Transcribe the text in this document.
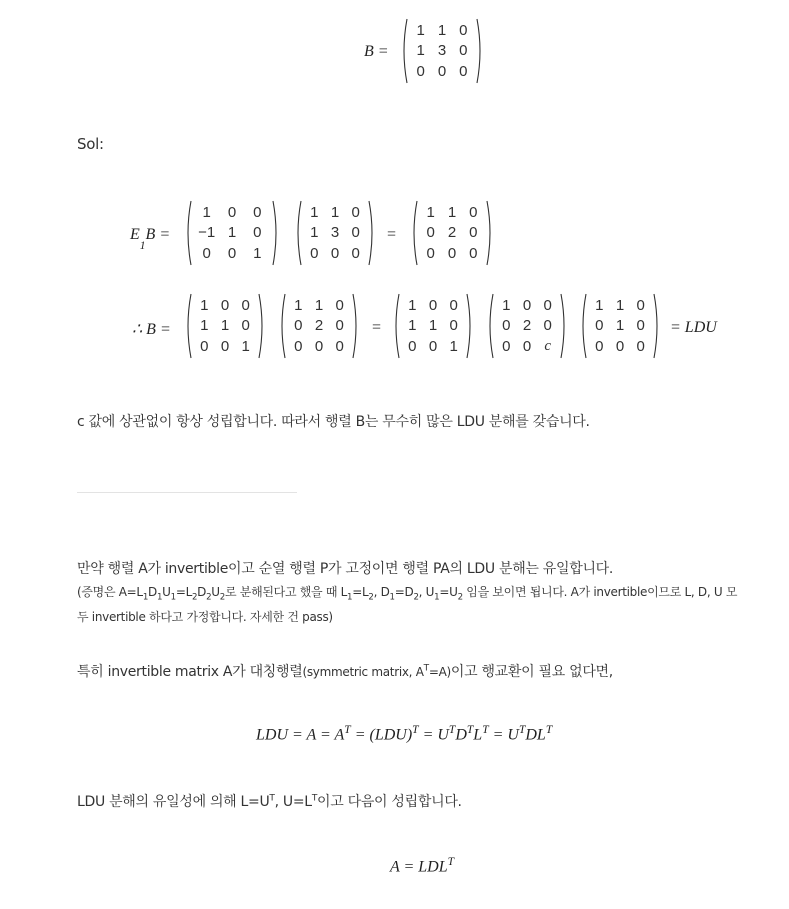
B =
1 1 0
1 3 0
0 0 0
Sol:
$E_1B$ =
1	0	0
−1 1	0
0	0	1
1 1 0
1 3 0
0 0 0
=
1 1 0
0 2 0
0 0 0
∴ B =
1 0 0
1 1 0
0 0 1
1 1 0
0 2 0
0 0 0
=
1 0 0
1 1 0
0 0 1
1 0 0
0 2 0
0 0 c
1 1 0
0 1 0
0 0 0
= LDU
c 값에 상관없이 항상 성립합니다. 따라서 행렬 B는 무수히 많은 LDU 분해를 갖습니다.
만약 행렬 A가 invertible이고 순열 행렬 P가 고정이면 행렬 PA의 LDU 분해는 유일합니다.
(증명은 $A=L_1D_1U_1=L_2D_2U_2$로 분해된다고 했을 때 $L_1=L_2$, $D_1=D_2$, $U_1=U_2$ 임을 보이면 됩니다. A가 invertible이므로 L, D, U 모
두 invertible 하다고 가정합니다. 자세한 건 pass)
특히 invertible matrix A가 대칭행렬(symmetric matrix, $A^T=A$)이고 행교환이 필요 없다면,
LDU = $A = A^T = (LDU)^T = U^TD^TL^T = U^TDL^T$
LDU 분해의 유일성에 의해 $L=U^T$, $U=L^T$이고 다음이 성립합니다.
$A = LDL^T$
